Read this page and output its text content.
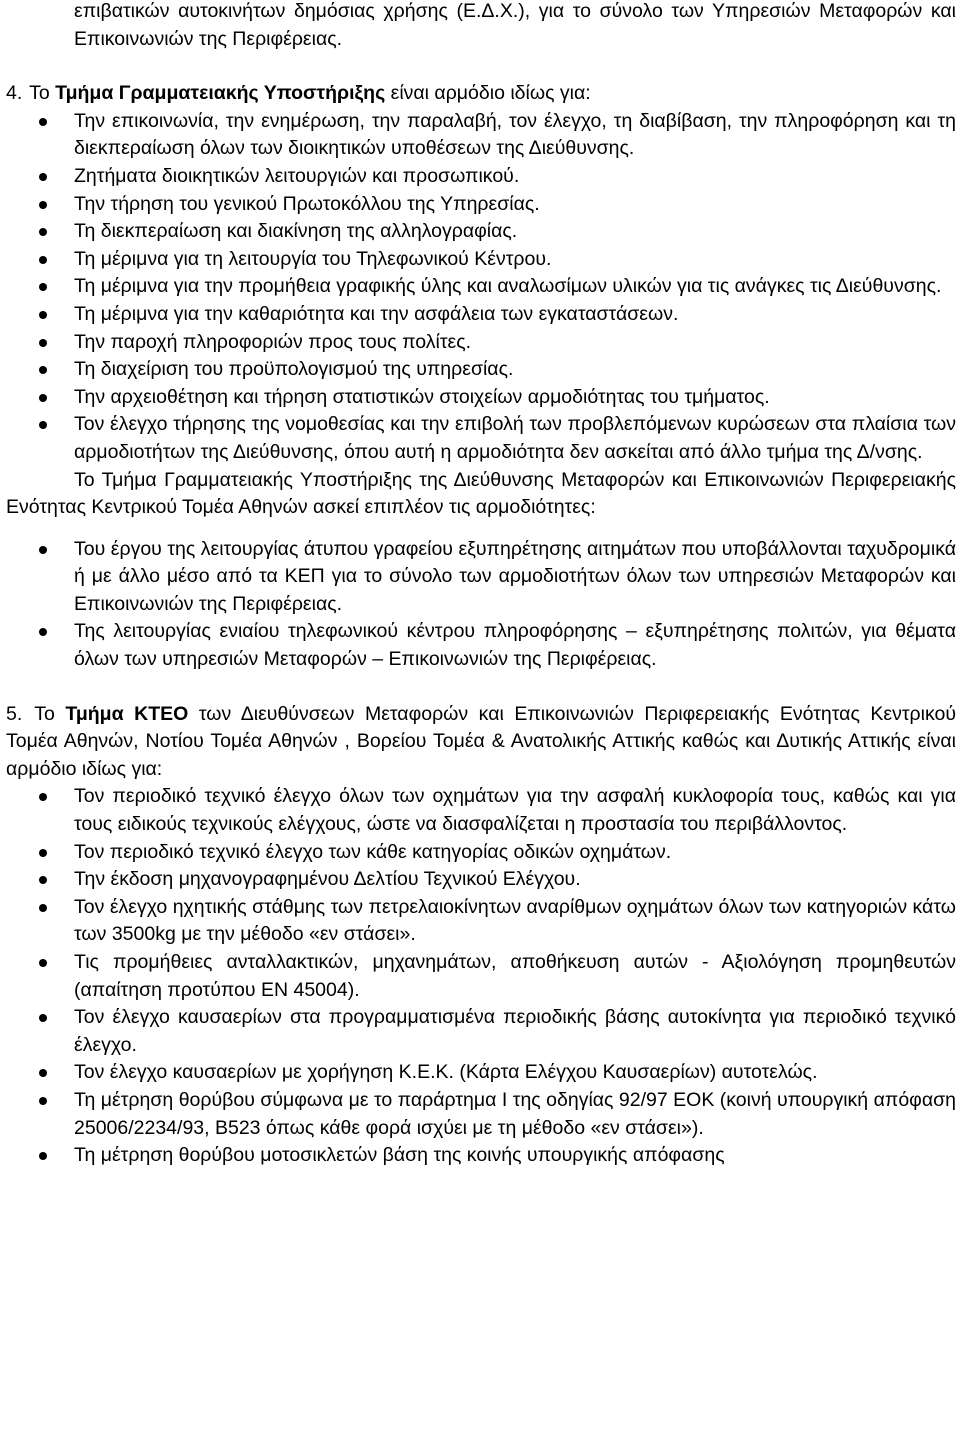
επιβατικών αυτοκινήτων δημόσιας χρήσης (Ε.Δ.Χ.), για το σύνολο των Υπηρεσιών Μεταφορών και Επικοινωνιών της Περιφέρειας.

4. Το Τμήμα Γραμματειακής Υποστήριξης είναι αρμόδιο ιδίως για:

Την επικοινωνία, την ενημέρωση, την παραλαβή, τον έλεγχο, τη διαβίβαση, την πληροφόρηση και τη διεκπεραίωση όλων των διοικητικών υποθέσεων της Διεύθυνσης.
Ζητήματα διοικητικών λειτουργιών και προσωπικού.
Την τήρηση του γενικού Πρωτοκόλλου της Υπηρεσίας.
Τη διεκπεραίωση και διακίνηση της αλληλογραφίας.
Τη μέριμνα για τη λειτουργία του Τηλεφωνικού Κέντρου.
Τη μέριμνα για την προμήθεια γραφικής ύλης και αναλωσίμων υλικών για τις ανάγκες τις Διεύθυνσης.
Τη μέριμνα για την καθαριότητα και την ασφάλεια των εγκαταστάσεων.
Την παροχή πληροφοριών προς τους πολίτες.
Τη διαχείριση του προϋπολογισμού της υπηρεσίας.
Την αρχειοθέτηση και τήρηση στατιστικών στοιχείων αρμοδιότητας του τμήματος.
Τον έλεγχο τήρησης της νομοθεσίας και την επιβολή των προβλεπόμενων κυρώσεων στα πλαίσια των αρμοδιοτήτων της Διεύθυνσης, όπου αυτή η αρμοδιότητα δεν ασκείται από άλλο τμήμα της Δ/νσης.

Το Τμήμα Γραμματειακής Υποστήριξης της Διεύθυνσης Μεταφορών και Επικοινωνιών Περιφερειακής Ενότητας Κεντρικού Τομέα Αθηνών ασκεί επιπλέον τις αρμοδιότητες:

Του έργου της λειτουργίας άτυπου γραφείου εξυπηρέτησης αιτημάτων που υποβάλλονται ταχυδρομικά ή με άλλο μέσο από τα ΚΕΠ για το σύνολο των αρμοδιοτήτων όλων των υπηρεσιών Μεταφορών και Επικοινωνιών της Περιφέρειας.
Της λειτουργίας ενιαίου τηλεφωνικού κέντρου πληροφόρησης – εξυπηρέτησης πολιτών, για θέματα όλων των υπηρεσιών Μεταφορών – Επικοινωνιών της Περιφέρειας.

5. Το Τμήμα ΚΤΕΟ των Διευθύνσεων Μεταφορών και Επικοινωνιών Περιφερειακής Ενότητας Κεντρικού Τομέα Αθηνών, Νοτίου Τομέα Αθηνών , Βορείου Τομέα & Ανατολικής Αττικής καθώς και Δυτικής Αττικής είναι αρμόδιο ιδίως για:

Τον περιοδικό τεχνικό έλεγχο όλων των οχημάτων για την ασφαλή κυκλοφορία τους, καθώς και για τους ειδικούς τεχνικούς ελέγχους, ώστε να διασφαλίζεται η προστασία του περιβάλλοντος.
Τον περιοδικό τεχνικό έλεγχο των κάθε κατηγορίας οδικών οχημάτων.
Την έκδοση μηχανογραφημένου Δελτίου Τεχνικού Ελέγχου.
Τον έλεγχο ηχητικής στάθμης των πετρελαιοκίνητων αναρίθμων οχημάτων όλων των κατηγοριών κάτω των 3500kg με την μέθοδο «εν στάσει».
Τις προμήθειες ανταλλακτικών, μηχανημάτων, αποθήκευση αυτών - Αξιολόγηση προμηθευτών (απαίτηση προτύπου ΕΝ 45004).
Τον έλεγχο καυσαερίων στα προγραμματισμένα περιοδικής βάσης αυτοκίνητα για περιοδικό τεχνικό έλεγχο.
Τον έλεγχο καυσαερίων με χορήγηση Κ.Ε.Κ. (Κάρτα Ελέγχου Καυσαερίων) αυτοτελώς.
Τη μέτρηση θορύβου σύμφωνα με το παράρτημα Ι της οδηγίας 92/97 ΕΟΚ (κοινή υπουργική απόφαση 25006/2234/93, Β523 όπως κάθε φορά ισχύει με τη μέθοδο «εν στάσει»).
Τη μέτρηση θορύβου μοτοσικλετών βάση της κοινής υπουργικής απόφασης
